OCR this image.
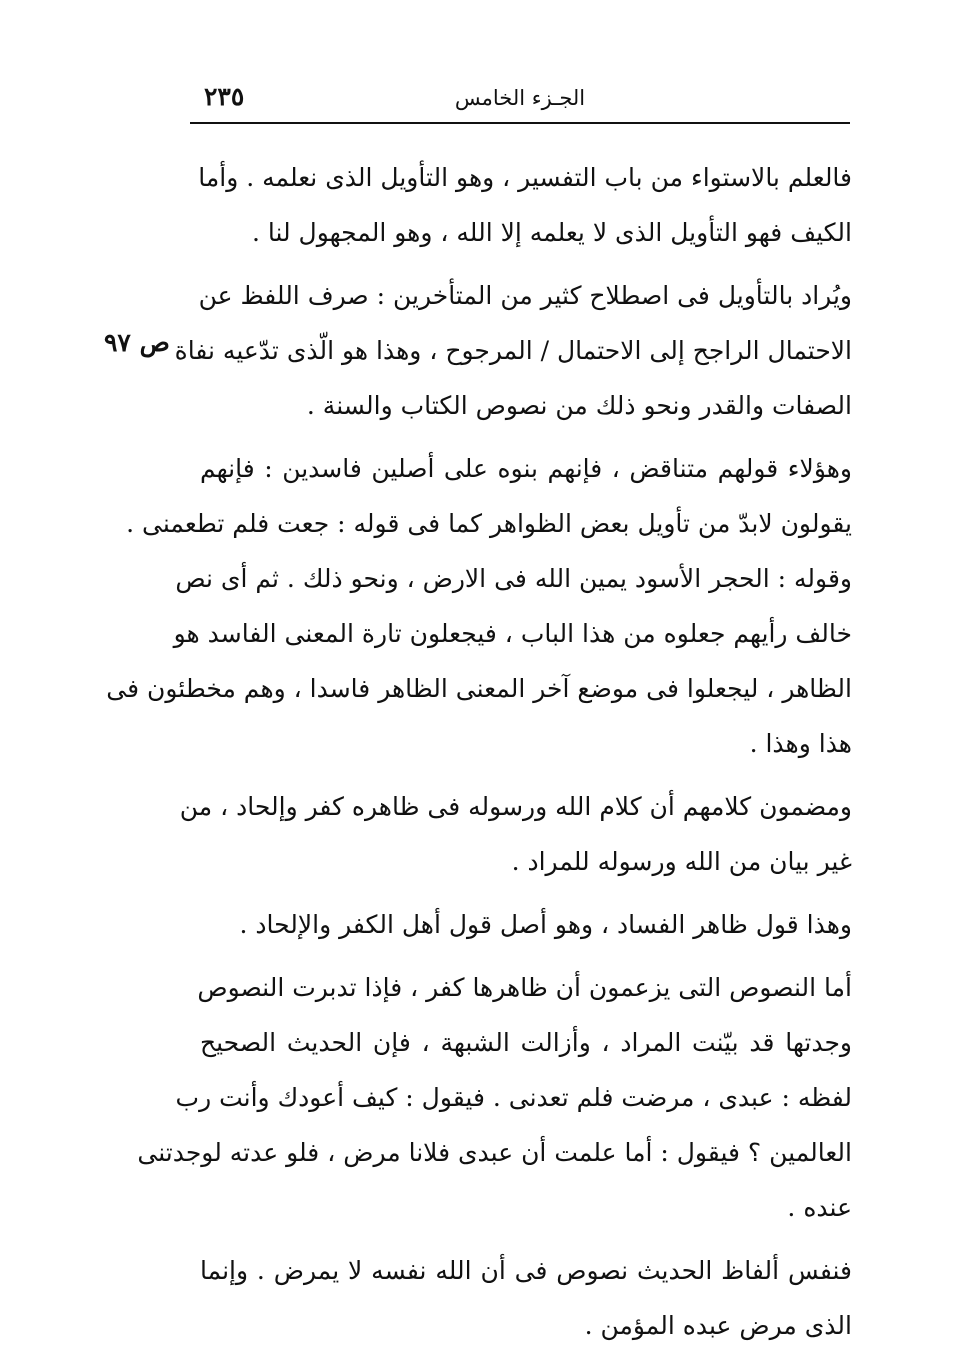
الجـزء الخامس
٢٣٥
ص ٩٧
فالعلم بالاستواء من باب التفسير ، وهو التأويل الذى نعلمه . وأما
الكيف فهو التأويل الذى لا يعلمه إلا الله ، وهو المجهول لنا .
ويُراد بالتأويل فى اصطلاح كثير من المتأخرين : صرف اللفظ عن
الاحتمال الراجح إلى الاحتمال / المرجوح ، وهذا هو الّذى تدّعيه نفاة
الصفات والقدر ونحو ذلك من نصوص الكتاب والسنة .
وهؤلاء قولهم متناقض ، فإنهم بنوه على أصلين فاسدين : فإنهم
يقولون لابدّ من تأويل بعض الظواهر كما فى قوله : جعت فلم تطعمنى .
وقوله : الحجر الأسود يمين الله فى الارض ، ونحو ذلك . ثم أى نص
خالف رأيهم جعلوه من هذا الباب ، فيجعلون تارة المعنى الفاسد هو
الظاهر ، ليجعلوا فى موضع آخر المعنى الظاهر فاسدا ، وهم مخطئون فى
هذا وهذا .
ومضمون كلامهم أن كلام الله ورسوله فى ظاهره كفر وإلحاد ، من
غير بيان من الله ورسوله للمراد .
وهذا قول ظاهر الفساد ، وهو أصل قول أهل الكفر والإلحاد .
أما النصوص التى يزعمون أن ظاهرها كفر ، فإذا تدبرت النصوص
وجدتها قد بيّنت المراد ، وأزالت الشبهة ، فإن الحديث الصحيح
لفظه : عبدى ، مرضت فلم تعدنى . فيقول : كيف أعودك وأنت رب
العالمين ؟ فيقول : أما علمت أن عبدى فلانا مرض ، فلو عدته لوجدتنى
عنده .
فنفس ألفاظ الحديث نصوص فى أن الله نفسه لا يمرض . وإنما
الذى مرض عبده المؤمن .
